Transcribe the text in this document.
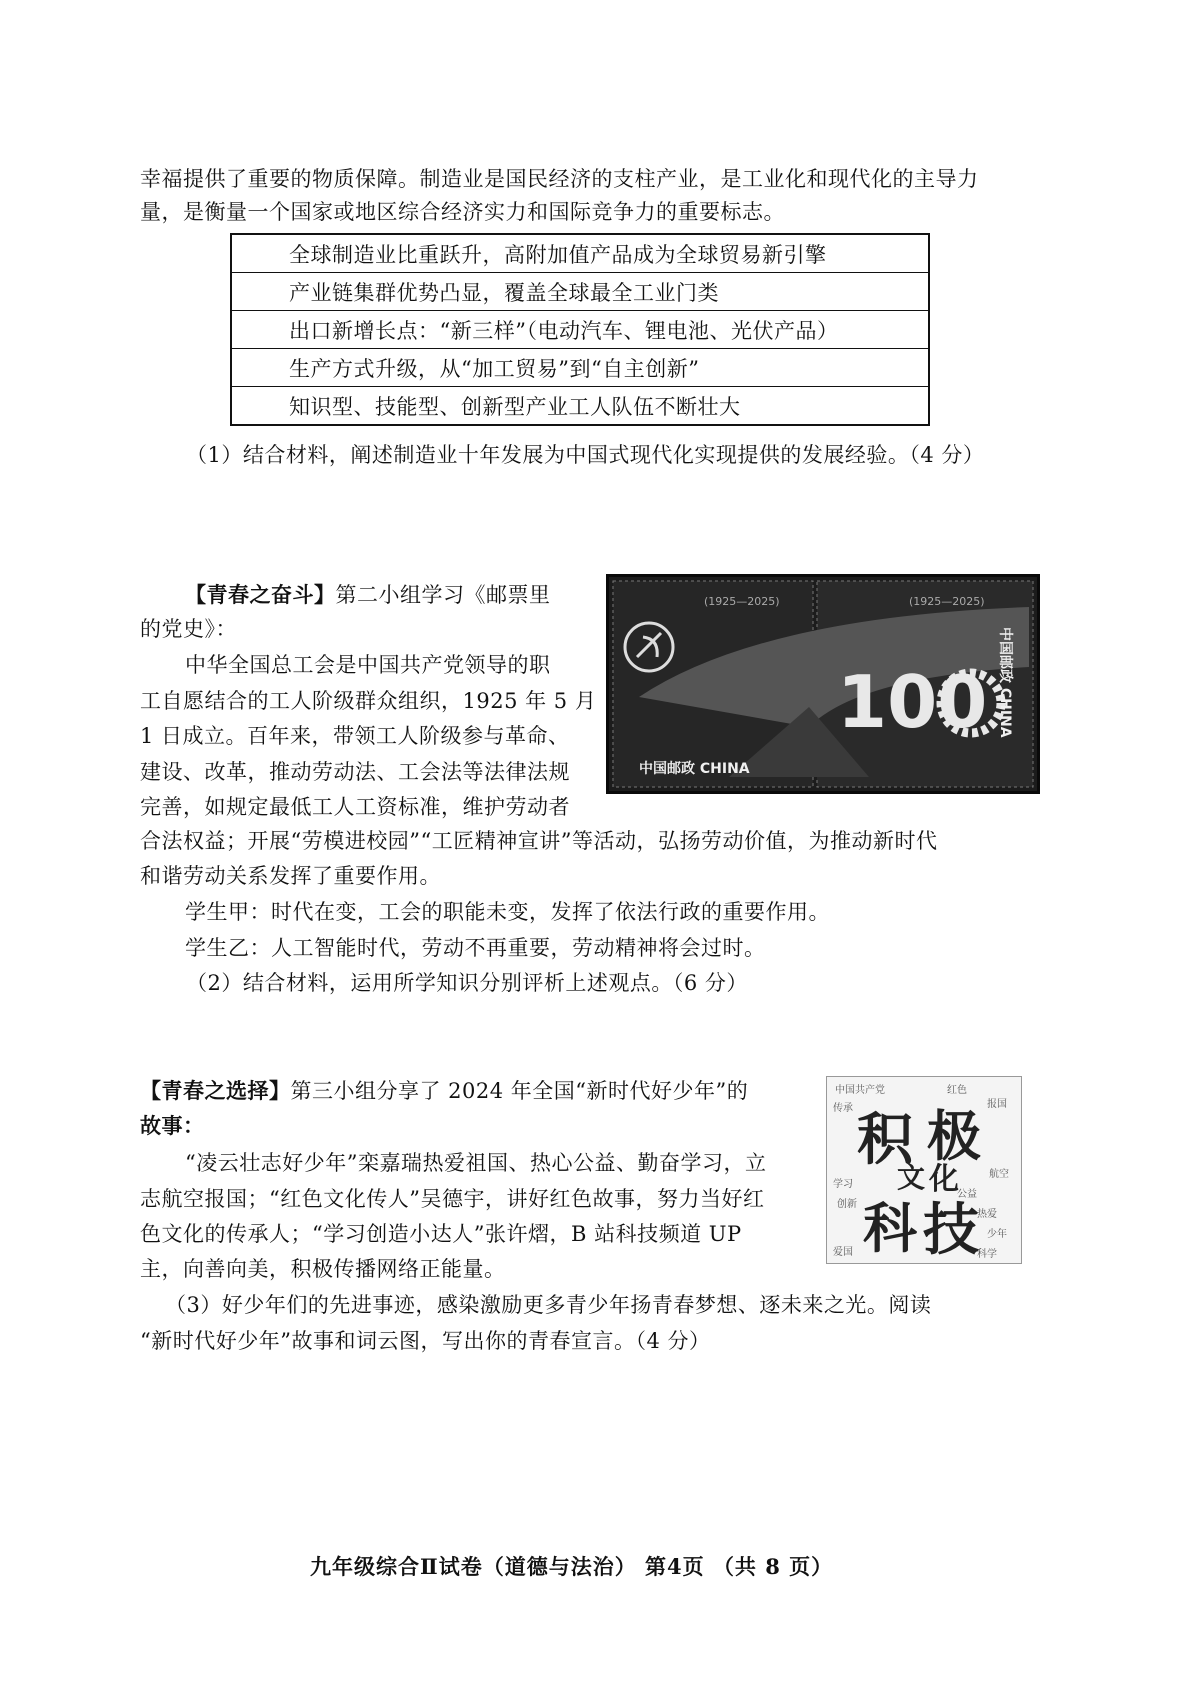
幸福提供了重要的物质保障。制造业是国民经济的支柱产业，是工业化和现代化的主导力
量，是衡量一个国家或地区综合经济实力和国际竞争力的重要标志。
全球制造业比重跃升，高附加值产品成为全球贸易新引擎
产业链集群优势凸显，覆盖全球最全工业门类
出口新增长点：“新三样”（电动汽车、锂电池、光伏产品）
生产方式升级，从“加工贸易”到“自主创新”
知识型、技能型、创新型产业工人队伍不断壮大
（1）结合材料，阐述制造业十年发展为中国式现代化实现提供的发展经验。（4 分）
【青春之奋斗】第二小组学习《邮票里
的党史》：
中华全国总工会是中国共产党领导的职
工自愿结合的工人阶级群众组织，1925 年 5 月
1 日成立。百年来，带领工人阶级参与革命、
建设、改革，推动劳动法、工会法等法律法规
完善，如规定最低工人工资标准，维护劳动者
合法权益；开展“劳模进校园”“工匠精神宣讲”等活动，弘扬劳动价值，为推动新时代
和谐劳动关系发挥了重要作用。
学生甲：时代在变，工会的职能未变，发挥了依法行政的重要作用。
学生乙：人工智能时代，劳动不再重要，劳动精神将会过时。
（2）结合材料，运用所学知识分别评析上述观点。（6 分）
(1925—2025)	(1925—2025)
100
中国邮政 CHINA
中国邮政 CHINA
【青春之选择】第三小组分享了 2024 年全国“新时代好少年”的
故事：
“凌云壮志好少年”栾嘉瑞热爱祖国、热心公益、勤奋学习，立
志航空报国；“红色文化传人”吴德宇，讲好红色故事，努力当好红
色文化的传承人；“学习创造小达人”张许熠，B 站科技频道 UP
主，向善向美，积极传播网络正能量。
（3）好少年们的先进事迹，感染激励更多青少年扬青春梦想、逐未来之光。阅读
“新时代好少年”故事和词云图，写出你的青春宣言。（4 分）
中国共产党	红色
报国
传承
航空
学习
公益
创新
热爱
少年
爱国	科学
积 极
文 化
科 技
九年级综合Ⅱ试卷（道德与法治） 第4页 （共 8 页）
